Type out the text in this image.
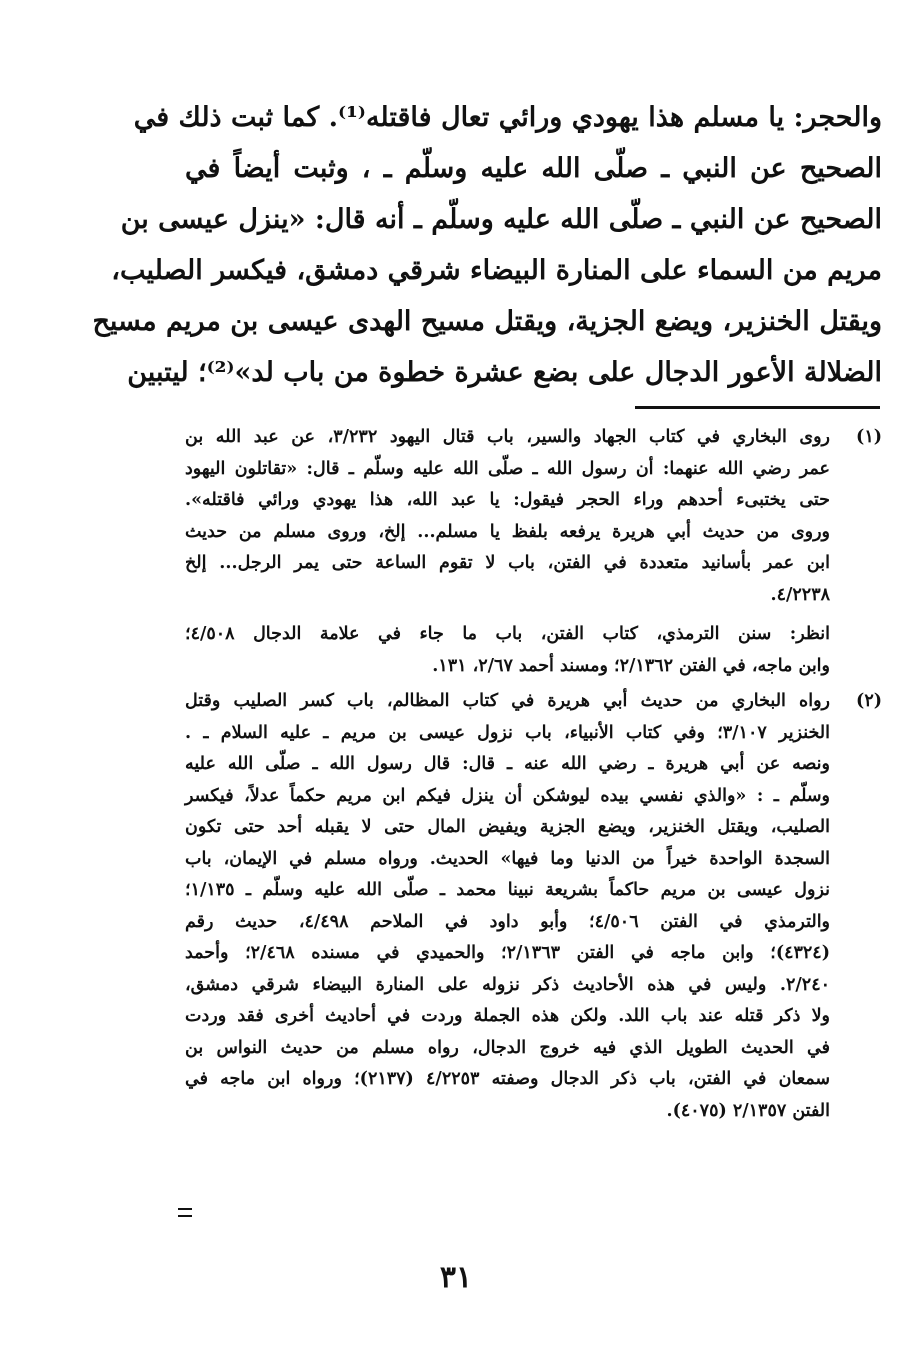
والحجر: يا مسلم هذا يهودي ورائي تعال فاقتله⁽¹⁾. كما ثبت ذلك في
الصحيح عن النبي ـ صلّى الله عليه وسلّم ـ ، وثبت أيضاً في
الصحيح عن النبي ـ صلّى الله عليه وسلّم ـ أنه قال: «ينزل عيسى بن
مريم من السماء على المنارة البيضاء شرقي دمشق، فيكسر الصليب،
ويقتل الخنزير، ويضع الجزية، ويقتل مسيح الهدى عيسى بن مريم مسيح
الضلالة الأعور الدجال على بضع عشرة خطوة من باب لد»⁽²⁾؛ ليتبين
(١)
روى البخاري في كتاب الجهاد والسير، باب قتال اليهود ٣/٢٣٢، عن عبد الله بن
عمر رضي الله عنهما: أن رسول الله ـ صلّى الله عليه وسلّم ـ قال: «تقاتلون اليهود
حتى يختبىء أحدهم وراء الحجر فيقول: يا عبد الله، هذا يهودي ورائي فاقتله».
وروى من حديث أبي هريرة يرفعه بلفظ يا مسلم... إلخ، وروى مسلم من حديث
ابن عمر بأسانيد متعددة في الفتن، باب لا تقوم الساعة حتى يمر الرجل... إلخ
٤/٢٢٣٨.
انظر: سنن الترمذي، كتاب الفتن، باب ما جاء في علامة الدجال ٤/٥٠٨؛
وابن ماجه، في الفتن ٢/١٣٦٢؛ ومسند أحمد ٢/٦٧، ١٣١.
(٢)
رواه البخاري من حديث أبي هريرة في كتاب المظالم، باب كسر الصليب وقتل
الخنزير ٣/١٠٧؛ وفي كتاب الأنبياء، باب نزول عيسى بن مريم ـ عليه السلام ـ .
ونصه عن أبي هريرة ـ رضي الله عنه ـ قال: قال رسول الله ـ صلّى الله عليه
وسلّم ـ : «والذي نفسي بيده ليوشكن أن ينزل فيكم ابن مريم حكماً عدلاً، فيكسر
الصليب، ويقتل الخنزير، ويضع الجزية ويفيض المال حتى لا يقبله أحد حتى تكون
السجدة الواحدة خيراً من الدنيا وما فيها» الحديث. ورواه مسلم في الإيمان، باب
نزول عيسى بن مريم حاكماً بشريعة نبينا محمد ـ صلّى الله عليه وسلّم ـ ١/١٣٥؛
والترمذي في الفتن ٤/٥٠٦؛ وأبو داود في الملاحم ٤/٤٩٨، حديث رقم
(٤٣٢٤)؛ وابن ماجه في الفتن ٢/١٣٦٣؛ والحميدي في مسنده ٢/٤٦٨؛ وأحمد
٢/٢٤٠. وليس في هذه الأحاديث ذكر نزوله على المنارة البيضاء شرقي دمشق،
ولا ذكر قتله عند باب اللد. ولكن هذه الجملة وردت في أحاديث أخرى فقد وردت
في الحديث الطويل الذي فيه خروج الدجال، رواه مسلم من حديث النواس بن
سمعان في الفتن، باب ذكر الدجال وصفته ٤/٢٢٥٣ (٢١٣٧)؛ ورواه ابن ماجه في
الفتن ٢/١٣٥٧ (٤٠٧٥).
٣١
